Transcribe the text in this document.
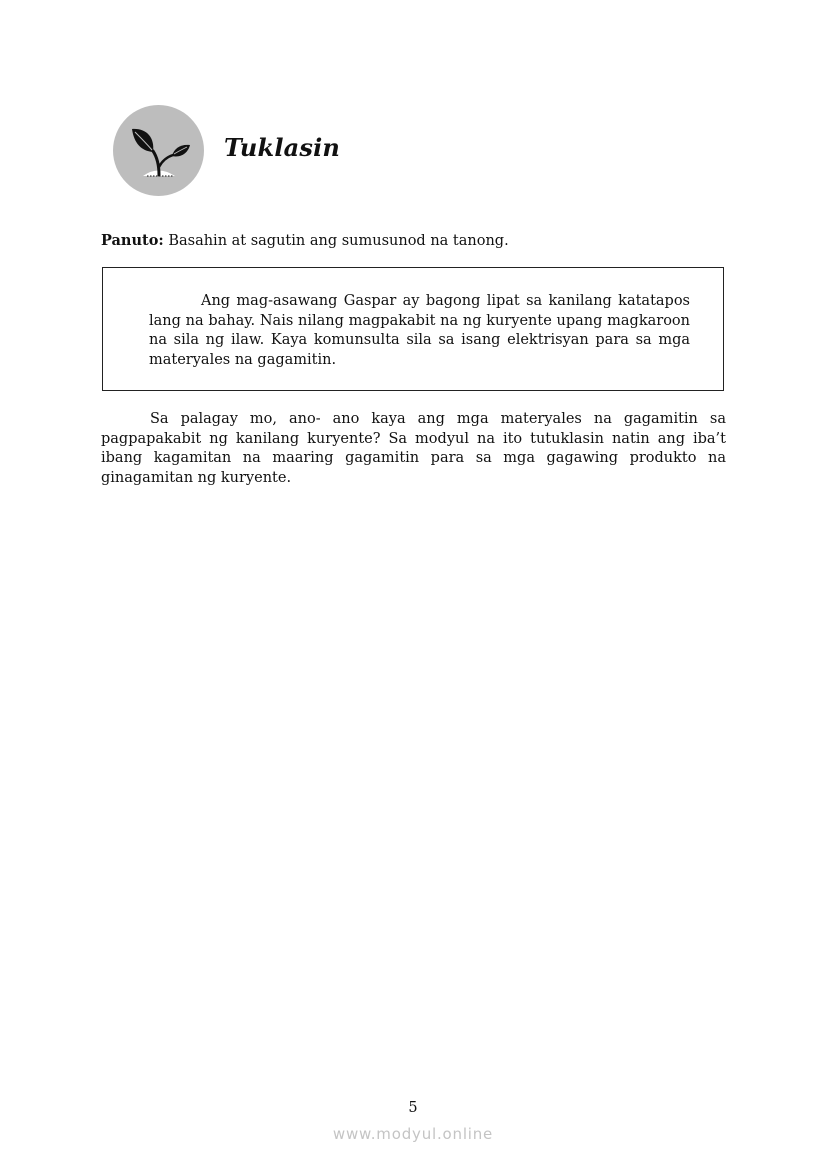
Tuklasin

Panuto: Basahin at sagutin ang sumusunod na tanong.

Ang mag-asawang Gaspar ay bagong lipat sa kanilang katatapos lang na bahay. Nais nilang magpakabit na ng kuryente upang magkaroon na sila ng ilaw. Kaya komunsulta sila sa isang elektrisyan para sa mga materyales na gagamitin.

Sa palagay mo, ano- ano kaya ang mga materyales na gagamitin sa pagpapakabit ng kanilang kuryente? Sa modyul na ito tutuklasin natin ang iba’t ibang kagamitan na maaring gagamitin para sa mga gagawing produkto na ginagamitan ng kuryente.

5

www.modyul.online
